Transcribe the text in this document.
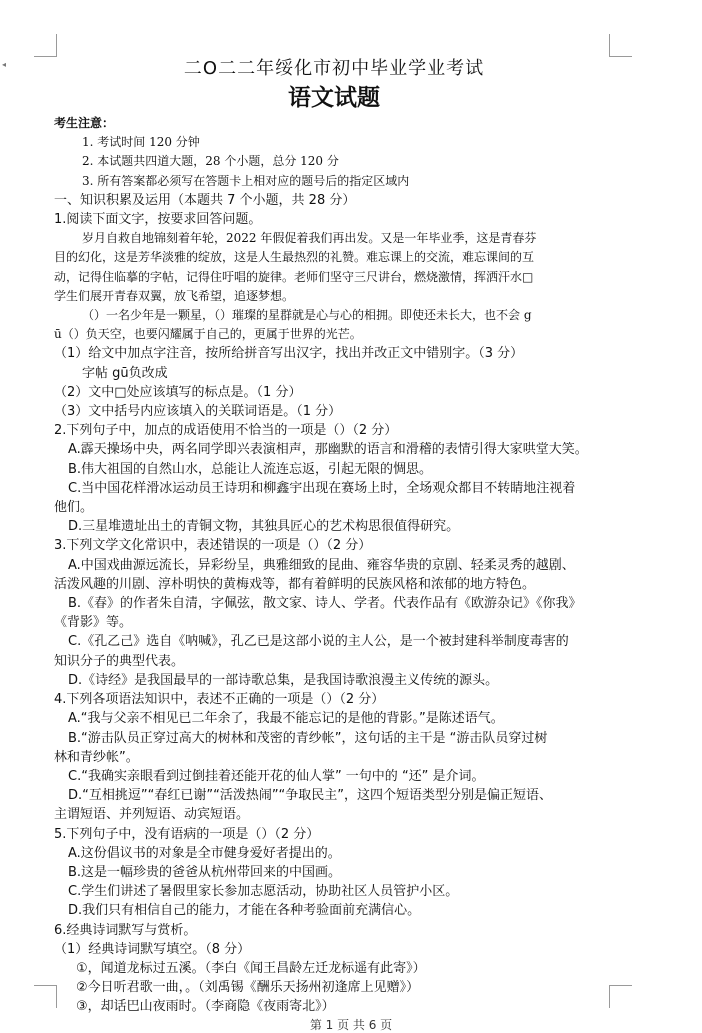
◂	二O二二年绥化市初中毕业学业考试
语文试题
考生注意：
1. 考试时间 120 分钟
2. 本试题共四道大题，28 个小题，总分 120 分
3. 所有答案都必须写在答题卡上相对应的题号后的指定区域内
一、知识积累及运用（本题共 7 个小题，共 28 分）
1.阅读下面文字，按要求回答问题。
岁月自救自地锦刻着年轮，2022 年假促着我们再出发。又是一年毕业季，这是青春芬
目的幻化，这是芳华淡雅的绽放，这是人生最热烈的礼赞。难忘课上的交流，难忘课间的互
动，记得住临摹的字帖，记得住吁唱的旋律。老师们坚守三尺讲台，燃烧激情，挥洒汗水□
学生们展开青春双翼，放飞希望，追逐梦想。
（）一名少年是一颗星，（）璀璨的星群就是心与心的相拥。即使还未长大，也不会 g
ū（）负天空，也要闪耀属于自己的，更属于世界的光芒。
（1）给文中加点字注音，按所给拼音写出汉字，找出并改正文中错别字。（3 分）
字帖 gū负改成
（2）文中□处应该填写的标点是。（1 分）
（3）文中括号内应该填入的关联词语是。（1 分）
2.下列句子中，加点的成语使用不恰当的一项是（）（2 分）
A.霹天操场中央，两名同学即兴表演相声，那幽默的语言和滑稽的表情引得大家哄堂大笑。
B.伟大祖国的自然山水，总能让人流连忘返，引起无限的惆思。
C.当中国花样滑冰运动员王诗玥和柳鑫宇出现在赛场上时，全场观众都目不转睛地注视着
他们。
D.三星堆遗址出土的青铜文物，其独具匠心的艺术构思很值得研究。
3.下列文学文化常识中，表述错误的一项是（）（2 分）
A.中国戏曲源远流长，异彩纷呈，典雅细致的昆曲、雍容华贵的京剧、轻柔灵秀的越剧、
活泼风趣的川剧、淳朴明快的黄梅戏等，都有着鲜明的民族风格和浓郁的地方特色。
B.《春》的作者朱自清，字佩弦，散文家、诗人、学者。代表作品有《欧游杂记》《你我》
《背影》等。
C.《孔乙己》选自《呐喊》，孔乙已是这部小说的主人公，是一个被封建科举制度毒害的
知识分子的典型代表。
D.《诗经》是我国最早的一部诗歌总集，是我国诗歌浪漫主义传统的源头。
4.下列各项语法知识中，表述不正确的一项是（）（2 分）
A.“我与父亲不相见已二年余了，我最不能忘记的是他的背影。”是陈述语气。
B.“游击队员正穿过高大的树林和茂密的青纱帐”，这句话的主干是 “游击队员穿过树
林和青纱帐”。
C.“我确实亲眼看到过倒挂着还能开花的仙人掌” 一句中的 “还” 是介词。
D.“互相挑逗”“春红已谢”“活泼热闹”“争取民主”，这四个短语类型分别是偏正短语、
主谓短语、并列短语、动宾短语。
5.下列句子中，没有语病的一项是（）（2 分）
A.这份倡议书的对象是全市健身爱好者提出的。
B.这是一幅珍贵的爸爸从杭州带回来的中国画。
C.学生们讲述了暑假里家长参加志愿活动，协助社区人员管护小区。
D.我们只有相信自己的能力，才能在各种考验面前充满信心。
6.经典诗词默写与赏析。
（1）经典诗词默写填空。（8 分）
①，闻道龙标过五溪。（李白《闻王昌龄左迁龙标遥有此寄》）
②今日听君歌一曲，。（刘禹锡《酬乐天扬州初逢席上见赠》）
③，却话巴山夜雨时。（李商隐《夜雨寄北》）
第 1 页 共 6 页
